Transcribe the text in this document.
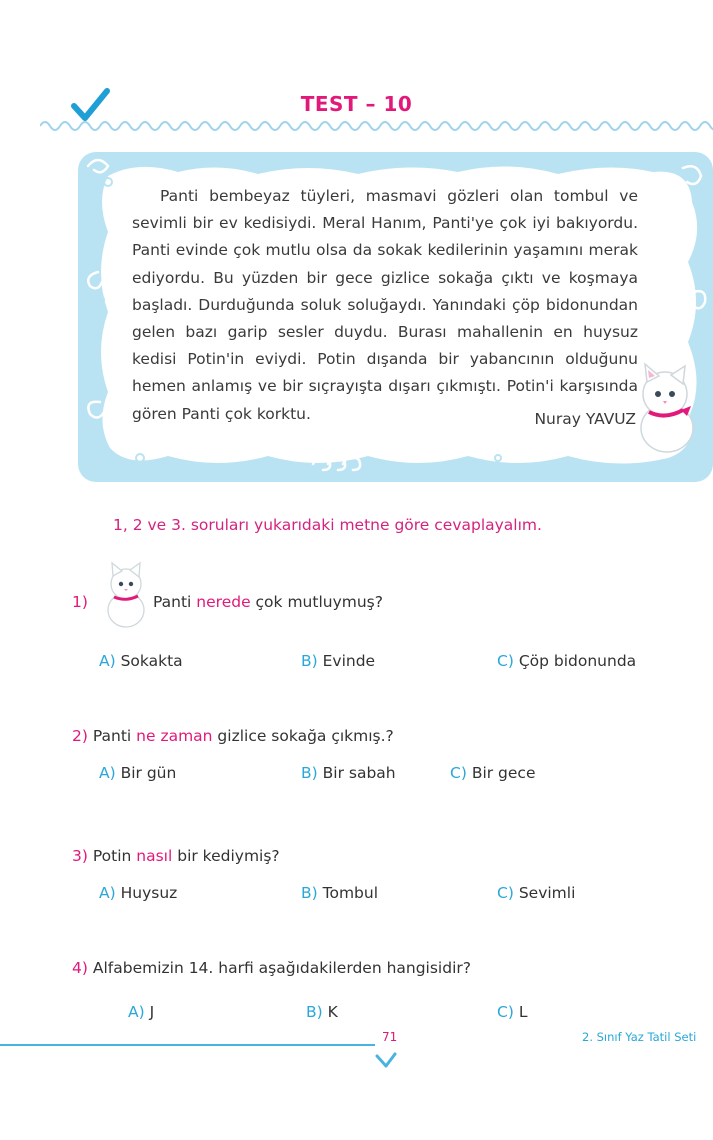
TEST – 10

Panti bembeyaz tüyleri, masmavi gözleri olan tombul ve sevimli bir ev kedisiydi. Meral Hanım, Panti'ye çok iyi bakıyordu. Panti evinde çok mutlu olsa da sokak kedilerinin yaşamını merak ediyordu. Bu yüzden bir gece gizlice sokağa çıktı ve koşmaya başladı. Durduğunda soluk soluğaydı. Yanındaki çöp bidonundan gelen bazı garip sesler duydu. Burası mahallenin en huysuz kedisi Potin'in eviydi. Potin dışanda bir yabancının olduğunu hemen anlamış ve bir sıçrayışta dışarı çıkmıştı. Potin'i karşısında gören Panti çok korktu.	Nuray YAVUZ
1, 2 ve 3. soruları yukarıdaki metne göre cevaplayalım.
1)	Panti nerede çok mutluymuş?
A) Sokakta	B) Evinde	C) Çöp bidonunda
2) Panti ne zaman gizlice sokağa çıkmış.?
A) Bir gün	B) Bir sabah	C) Bir gece
3) Potin nasıl bir kediymiş?
A) Huysuz	B) Tombul	C) Sevimli
4) Alfabemizin 14. harfi aşağıdakilerden hangisidir?
A) J	B) K	C) L
71	2. Sınıf Yaz Tatil Seti
